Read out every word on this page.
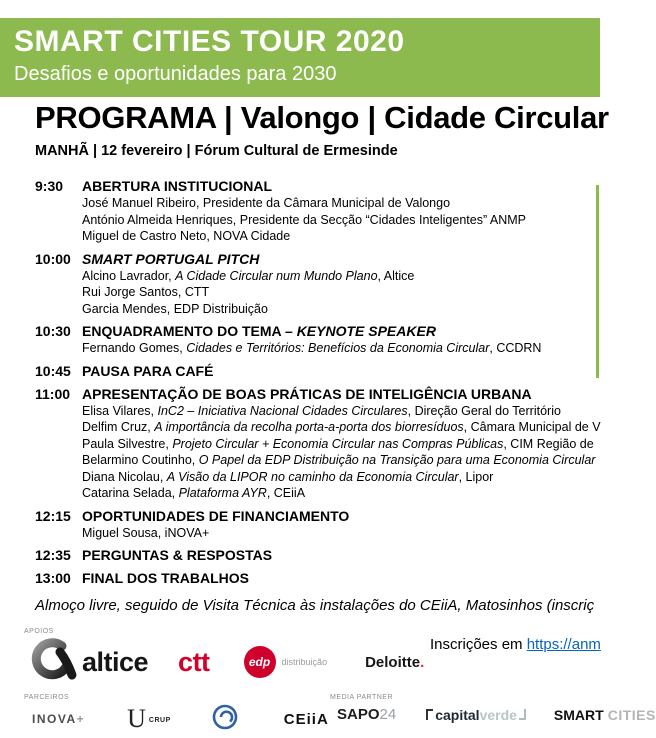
SMART CITIES TOUR 2020
Desafios e oportunidades para 2030
PROGRAMA | Valongo | Cidade Circular
MANHÃ | 12 fevereiro | Fórum Cultural de Ermesinde
9:30	ABERTURA INSTITUCIONAL
José Manuel Ribeiro, Presidente da Câmara Municipal de Valongo
António Almeida Henriques, Presidente da Secção “Cidades Inteligentes” ANMP
Miguel de Castro Neto, NOVA Cidade
10:00 SMART PORTUGAL PITCH
Alcino Lavrador, A Cidade Circular num Mundo Plano, Altice
Rui Jorge Santos, CTT
Garcia Mendes, EDP Distribuição
10:30 ENQUADRAMENTO DO TEMA – KEYNOTE SPEAKER
Fernando Gomes, Cidades e Territórios: Benefícios da Economia Circular, CCDRN
10:45 PAUSA PARA CAFÉ
11:00 APRESENTAÇÃO DE BOAS PRÁTICAS DE INTELIGÊNCIA URBANA
Elisa Vilares, InC2 – Iniciativa Nacional Cidades Circulares, Direção Geral do Território
Delfim Cruz, A importância da recolha porta-a-porta dos biorresíduos, Câmara Municipal de V
Paula Silvestre, Projeto Circular + Economia Circular nas Compras Públicas, CIM Região de
Belarmino Coutinho, O Papel da EDP Distribuição na Transição para uma Economia Circular
Diana Nicolau, A Visão da LIPOR no caminho da Economia Circular, Lipor
Catarina Selada, Plataforma AYR, CEiiA
12:15 OPORTUNIDADES DE FINANCIAMENTO
Miguel Sousa, iNOVA+
12:35 PERGUNTAS & RESPOSTAS
13:00 FINAL DOS TRABALHOS
Almoço livre, seguido de Visita Técnica às instalações do CEiiA, Matosinhos (inscriç
APOIOS
altice ctt	edp	distribuição	Deloitte.
Inscrições em https://anm
PARCEIROS
INOVA+ U CRUP	CEiiA
MEDIA PARTNER
SAPO24	capital verde	SMART CITIES
